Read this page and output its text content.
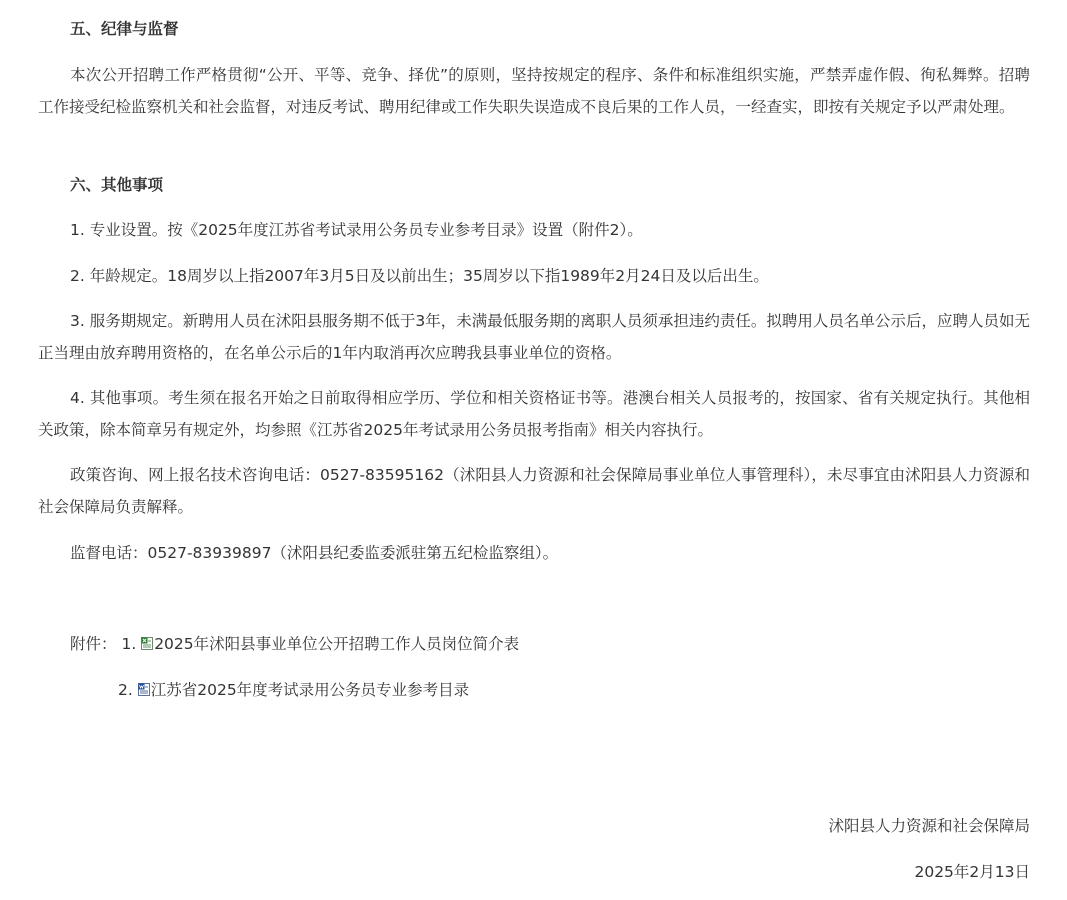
五、纪律与监督
本次公开招聘工作严格贯彻“公开、平等、竞争、择优”的原则，坚持按规定的程序、条件和标准组织实施，严禁弄虚作假、徇私舞弊。招聘工作接受纪检监察机关和社会监督，对违反考试、聘用纪律或工作失职失误造成不良后果的工作人员，一经查实，即按有关规定予以严肃处理。
六、其他事项
1. 专业设置。按《2025年度江苏省考试录用公务员专业参考目录》设置（附件2）。
2. 年龄规定。18周岁以上指2007年3月5日及以前出生；35周岁以下指1989年2月24日及以后出生。
3. 服务期规定。新聘用人员在沭阳县服务期不低于3年，未满最低服务期的离职人员须承担违约责任。拟聘用人员名单公示后，应聘人员如无正当理由放弃聘用资格的，在名单公示后的1年内取消再次应聘我县事业单位的资格。
4. 其他事项。考生须在报名开始之日前取得相应学历、学位和相关资格证书等。港澳台相关人员报考的，按国家、省有关规定执行。其他相关政策，除本简章另有规定外，均参照《江苏省2025年考试录用公务员报考指南》相关内容执行。
政策咨询、网上报名技术咨询电话：0527-83595162（沭阳县人力资源和社会保障局事业单位人事管理科），未尽事宜由沭阳县人力资源和社会保障局负责解释。
监督电话：0527-83939897（沭阳县纪委监委派驻第五纪检监察组）。
附件： 1. 2025年沭阳县事业单位公开招聘工作人员岗位简介表
2. 江苏省2025年度考试录用公务员专业参考目录
沭阳县人力资源和社会保障局
2025年2月13日
